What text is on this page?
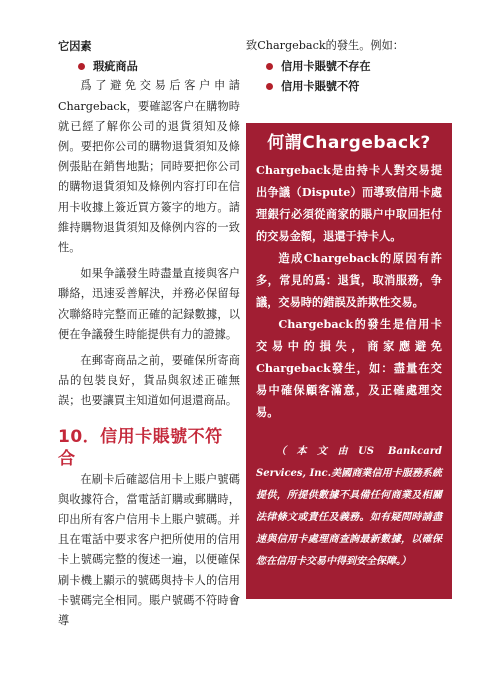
它因素

瑕疵商品

爲了避免交易后客户申請Chargeback，要確認客户在購物時就已經了解你公司的退貨須知及條例。要把你公司的購物退貨須知及條例張貼在銷售地點；同時要把你公司的購物退貨須知及條例内容打印在信用卡收據上簽近買方簽字的地方。請維持購物退貨須知及條例内容的一致性。

如果争議發生時盡量直接與客户聯絡，迅速妥善解決，并務必保留每次聯絡時完整而正確的記録數據，以便在争議發生時能提供有力的證據。

在郵寄商品之前，要確保所寄商品的包裝良好，貨品與叙述正確無誤；也要讓買主知道如何退還商品。

10．信用卡賬號不符合

在刷卡后確認信用卡上賬户號碼與收據符合，當電話訂購或郵購時，印出所有客户信用卡上賬户號碼。并且在電話中要求客户把所使用的信用卡上號碼完整的復述一遍，以便確保刷卡機上顯示的號碼與持卡人的信用卡號碼完全相同。賬户號碼不符時會導

致Chargeback的發生。例如：

信用卡賬號不存在
信用卡賬號不符
何謂Chargeback?

Chargeback是由持卡人對交易提出争議（Dispute）而導致信用卡處理銀行必須從商家的賬户中取回拒付的交易金額，退還于持卡人。

造成Chargeback的原因有許多，常見的爲：退貨，取消服務，争議，交易時的錯誤及詐欺性交易。

Chargeback的發生是信用卡交易中的損失，商家應避免Chargeback發生，如：盡量在交易中確保顧客滿意，及正確處理交易。

（本文由US Bankcard Services, Inc.美國商業信用卡服務系統提供，所提供數據不具備任何商業及相關法律條文或責任及義務。如有疑問時請盡速與信用卡處理商查詢最新數據，以確保您在信用卡交易中得到安全保障。）
